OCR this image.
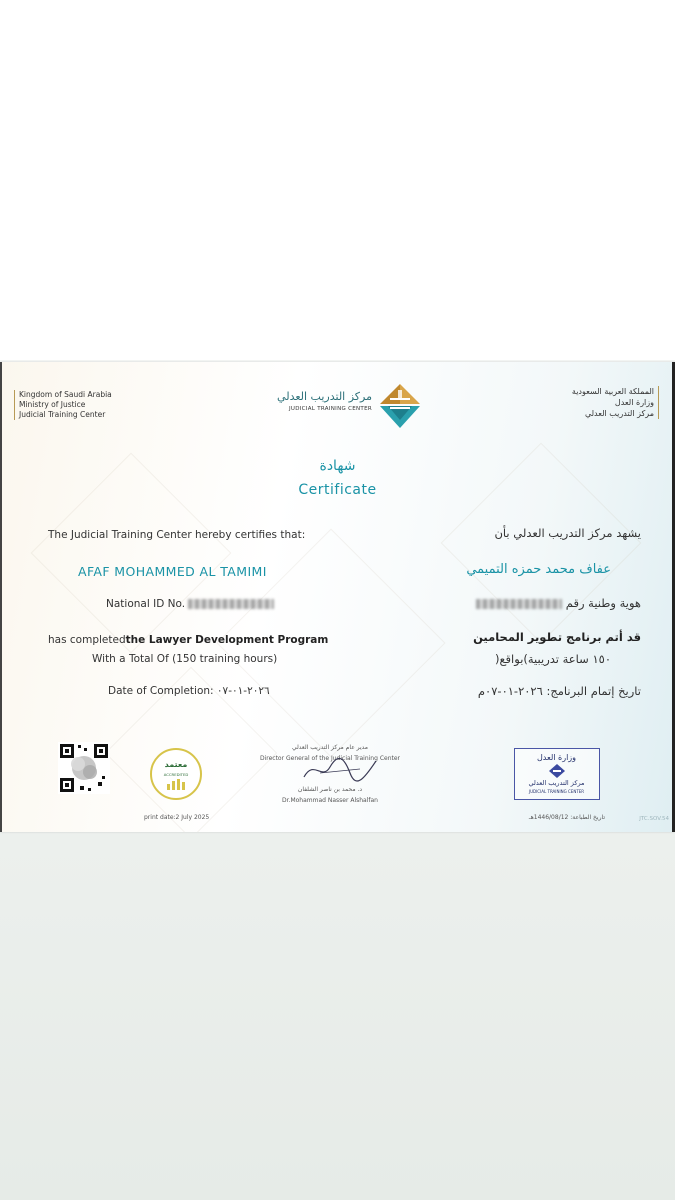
Kingdom of Saudi Arabia
Ministry of Justice
Judicial Training Center
المملكة العربية السعودية
وزارة العدل
مركز التدريب العدلي
مركز التدريب العدلي
JUDICIAL TRAINING CENTER
شهادة
Certificate
The Judicial Training Center hereby certifies that:
AFAF MOHAMMED AL TAMIMI
National ID No.
has completedthe Lawyer Development Program
With a Total Of (150 training hours)
Date of Completion: ٢٠٢٦-٠١-٠٧
يشهد مركز التدريب العدلي بأن
عفاف محمد حمزه التميمي
هوية وطنية رقم
قد أتم برنامج تطوير المحامين
١٥٠ ساعة تدريبية)بواقع(
تاريخ إتمام البرنامج: ٢٠٢٦-٠١-٠٧م
معتمد
ACCREDITED
print date:2 July 2025
مدير عام مركز التدريب العدلي
Director General of the Judicial Training Center
د. محمد بن ناصر الشلفان
Dr.Mohammad Nasser Alshalfan
وزارة العدل
مركز التدريب العدلي
JUDICIAL TRAINING CENTER
تاريخ الطباعة: 1446/08/12هـ	JTC.SOV.54
